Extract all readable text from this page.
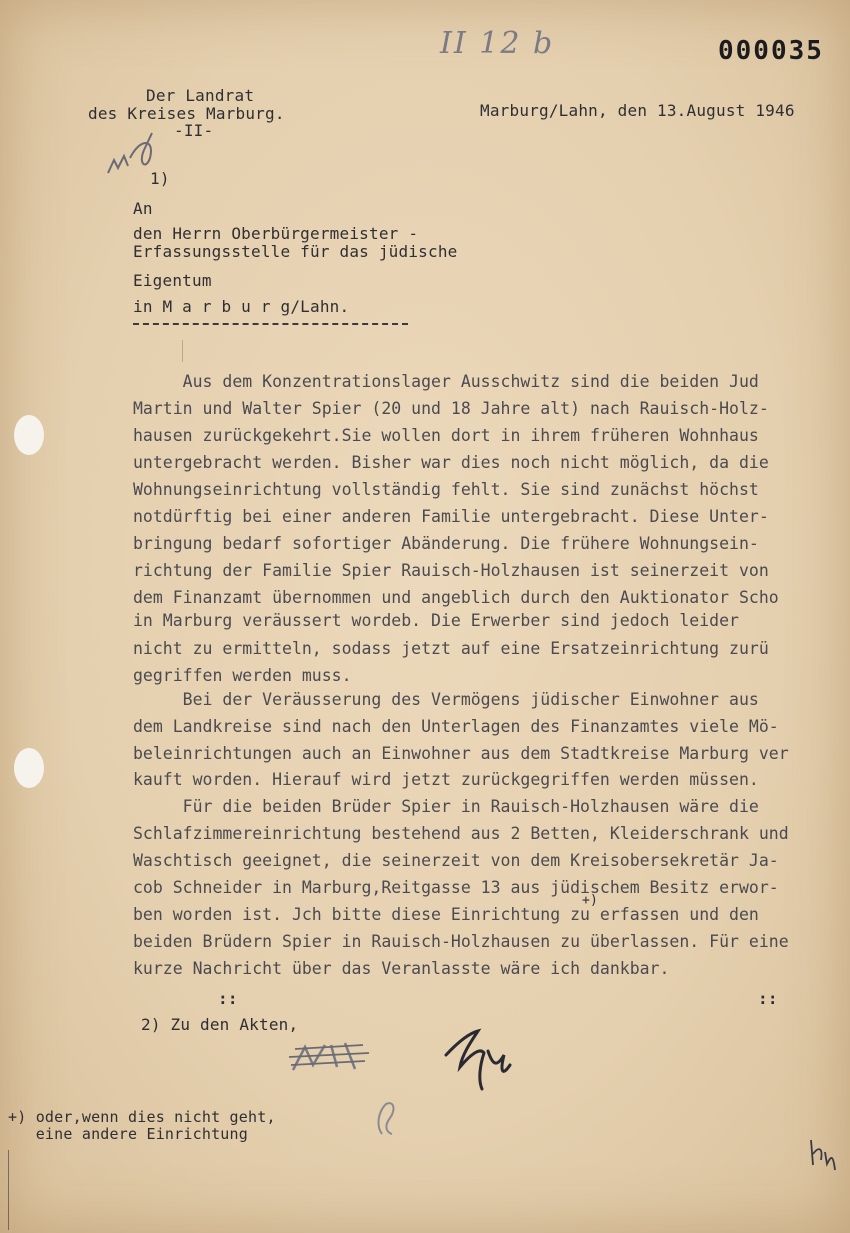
II 12 b	000035
Der Landrat
des Kreises Marburg.
-II-
Marburg/Lahn, den 13.August 1946
1)
An
den Herrn Oberbürgermeister -
Erfassungsstelle für das jüdische
Eigentum
in M a r b u r g/Lahn.
Aus dem Konzentrationslager Ausschwitz sind die beiden Jud
Martin und Walter Spier (20 und 18 Jahre alt) nach Rauisch-Holz-
hausen zurückgekehrt.Sie wollen dort in ihrem früheren Wohnhaus
untergebracht werden. Bisher war dies noch nicht möglich, da die
Wohnungseinrichtung vollständig fehlt. Sie sind zunächst höchst
notdürftig bei einer anderen Familie untergebracht. Diese Unter-
bringung bedarf sofortiger Abänderung. Die frühere Wohnungsein-
richtung der Familie Spier Rauisch-Holzhausen ist seinerzeit von
dem Finanzamt übernommen und angeblich durch den Auktionator Scho
in Marburg veräussert wordeb. Die Erwerber sind jedoch leider
nicht zu ermitteln, sodass jetzt auf eine Ersatzeinrichtung zurü
gegriffen werden muss.
Bei der Veräusserung des Vermögens jüdischer Einwohner aus
dem Landkreise sind nach den Unterlagen des Finanzamtes viele Mö-
beleinrichtungen auch an Einwohner aus dem Stadtkreise Marburg ver
kauft worden. Hierauf wird jetzt zurückgegriffen werden müssen.
Für die beiden Brüder Spier in Rauisch-Holzhausen wäre die
Schlafzimmereinrichtung bestehend aus 2 Betten, Kleiderschrank und
Waschtisch geeignet, die seinerzeit von dem Kreisobersekretär Ja-
cob Schneider in Marburg,Reitgasse 13 aus jüdischem Besitz erwor-
ben worden ist. Jch bitte diese Einrichtung zu erfassen und den
beiden Brüdern Spier in Rauisch-Holzhausen zu überlassen. Für eine
kurze Nachricht über das Veranlasste wäre ich dankbar.
+)
::	::
2) Zu den Akten,
+) oder,wenn dies nicht geht,
eine andere Einrichtung
